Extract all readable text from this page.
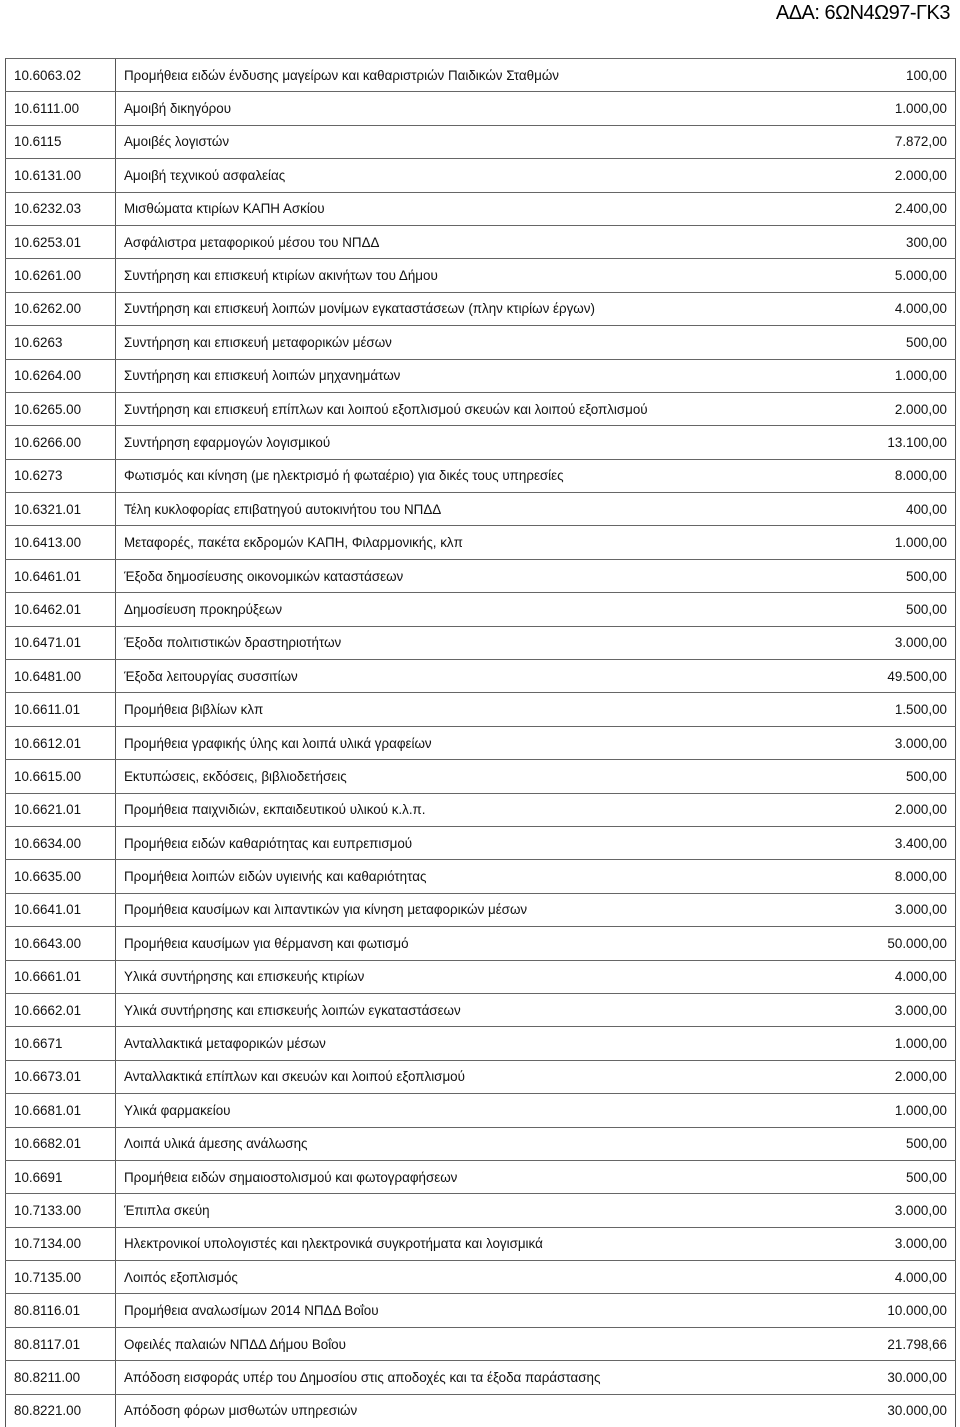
ΑΔΑ: 6ΩΝ4Ω97-ΓΚ3
10.6063.02	Προμήθεια ειδών ένδυσης μαγείρων και καθαριστριών Παιδικών Σταθμών	100,00
10.6111.00	Αμοιβή δικηγόρου	1.000,00
10.6115	Αμοιβές λογιστών	7.872,00
10.6131.00	Αμοιβή τεχνικού ασφαλείας	2.000,00
10.6232.03	Μισθώματα κτιρίων ΚΑΠΗ Ασκίου	2.400,00
10.6253.01	Ασφάλιστρα μεταφορικού μέσου του ΝΠΔΔ	300,00
10.6261.00	Συντήρηση και επισκευή κτιρίων ακινήτων του Δήμου	5.000,00
10.6262.00	Συντήρηση και επισκευή λοιπών μονίμων εγκαταστάσεων (πλην κτιρίων έργων)	4.000,00
10.6263	Συντήρηση και επισκευή μεταφορικών μέσων	500,00
10.6264.00	Συντήρηση και επισκευή λοιπών μηχανημάτων	1.000,00
10.6265.00	Συντήρηση και επισκευή επίπλων και λοιπού εξοπλισμού σκευών και λοιπού εξοπλισμού	2.000,00
10.6266.00	Συντήρηση εφαρμογών λογισμικού	13.100,00
10.6273	Φωτισμός και κίνηση (με ηλεκτρισμό ή φωταέριο) για δικές τους υπηρεσίες	8.000,00
10.6321.01	Τέλη κυκλοφορίας επιβατηγού αυτοκινήτου του ΝΠΔΔ	400,00
10.6413.00	Μεταφορές, πακέτα εκδρομών ΚΑΠΗ, Φιλαρμονικής, κλπ	1.000,00
10.6461.01	Έξοδα δημοσίευσης οικονομικών καταστάσεων	500,00
10.6462.01	Δημοσίευση προκηρύξεων	500,00
10.6471.01	Έξοδα πολιτιστικών δραστηριοτήτων	3.000,00
10.6481.00	Έξοδα λειτουργίας συσσιτίων	49.500,00
10.6611.01	Προμήθεια βιβλίων κλπ	1.500,00
10.6612.01	Προμήθεια γραφικής ύλης και λοιπά υλικά γραφείων	3.000,00
10.6615.00	Εκτυπώσεις, εκδόσεις, βιβλιοδετήσεις	500,00
10.6621.01	Προμήθεια παιχνιδιών, εκπαιδευτικού υλικού κ.λ.π.	2.000,00
10.6634.00	Προμήθεια ειδών καθαριότητας και ευπρεπισμού	3.400,00
10.6635.00	Προμήθεια λοιπών ειδών υγιεινής και καθαριότητας	8.000,00
10.6641.01	Προμήθεια καυσίμων και λιπαντικών για κίνηση μεταφορικών μέσων	3.000,00
10.6643.00	Προμήθεια καυσίμων για θέρμανση και φωτισμό	50.000,00
10.6661.01	Υλικά συντήρησης και επισκευής κτιρίων	4.000,00
10.6662.01	Υλικά συντήρησης και επισκευής λοιπών εγκαταστάσεων	3.000,00
10.6671	Ανταλλακτικά μεταφορικών μέσων	1.000,00
10.6673.01	Ανταλλακτικά επίπλων και σκευών και λοιπού εξοπλισμού	2.000,00
10.6681.01	Υλικά φαρμακείου	1.000,00
10.6682.01	Λοιπά υλικά άμεσης ανάλωσης	500,00
10.6691	Προμήθεια ειδών σημαιοστολισμού και φωτογραφήσεων	500,00
10.7133.00	Έπιπλα σκεύη	3.000,00
10.7134.00	Ηλεκτρονικοί υπολογιστές και ηλεκτρονικά συγκροτήματα και λογισμικά	3.000,00
10.7135.00	Λοιπός εξοπλισμός	4.000,00
80.8116.01	Προμήθεια αναλωσίμων 2014 ΝΠΔΔ Βοΐου	10.000,00
80.8117.01	Οφειλές παλαιών ΝΠΔΔ Δήμου Βοΐου	21.798,66
80.8211.00	Απόδοση εισφοράς υπέρ του Δημοσίου στις αποδοχές και τα έξοδα παράστασης	30.000,00
80.8221.00	Απόδοση φόρων μισθωτών υπηρεσιών	30.000,00
